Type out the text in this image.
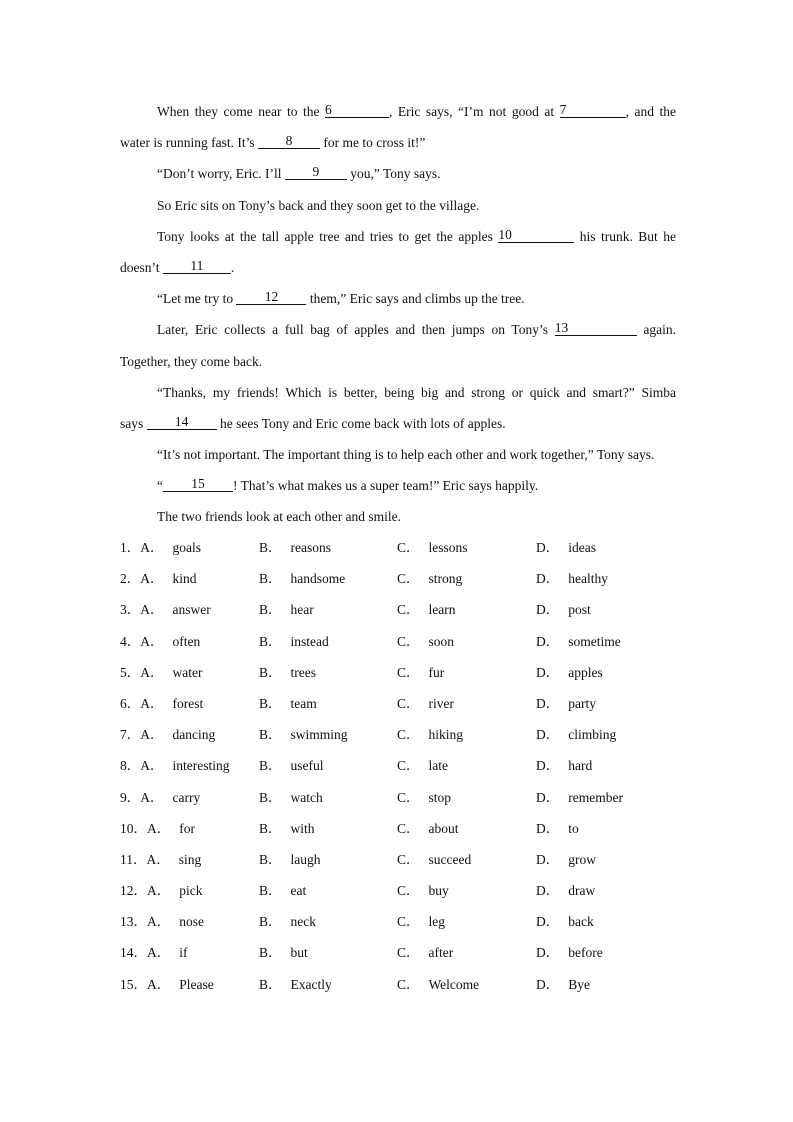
When they come near to the 6	, Eric says, “I’m not good at 7	, and the
water is running fast. It’s 8 for me to cross it!”
“Don’t worry, Eric. I’ll 9 you,” Tony says.
So Eric sits on Tony’s back and they soon get to the village.
Tony looks at the tall apple tree and tries to get the apples 10	his trunk. But he
doesn’t 11 .
“Let me try to 12 them,” Eric says and climbs up the tree.
Later, Eric collects a full bag of apples and then jumps on Tony’s 13	again.
Together, they come back.
“Thanks, my friends! Which is better, being big and strong or quick and smart?” Simba
says 14 he sees Tony and Eric come back with lots of apples.
“It’s not important. The important thing is to help each other and work together,” Tony says.
“ 15 ! That’s what makes us a super team!” Eric says happily.
The two friends look at each other and smile.
1．A． goals	B． reasons	C． lessons	D． ideas
2．A． kind	B． handsome	C． strong	D． healthy
3．A． answer	B． hear	C． learn	D． post
4．A． often	B． instead	C． soon	D． sometime
5．A． water	B． trees	C． fur	D． apples
6．A． forest	B． team	C． river	D． party
7．A． dancing	B． swimming	C． hiking	D． climbing
8．A． interesting B． useful	C． late	D． hard
9．A． carry	B． watch	C． stop	D． remember
10．A． for	B． with	C． about	D． to
11．A． sing	B． laugh	C． succeed	D． grow
12．A． pick	B． eat	C． buy	D． draw
13．A． nose	B． neck	C． leg	D． back
14．A． if	B． but	C． after	D． before
15．A． Please	B． Exactly	C． Welcome	D． Bye
